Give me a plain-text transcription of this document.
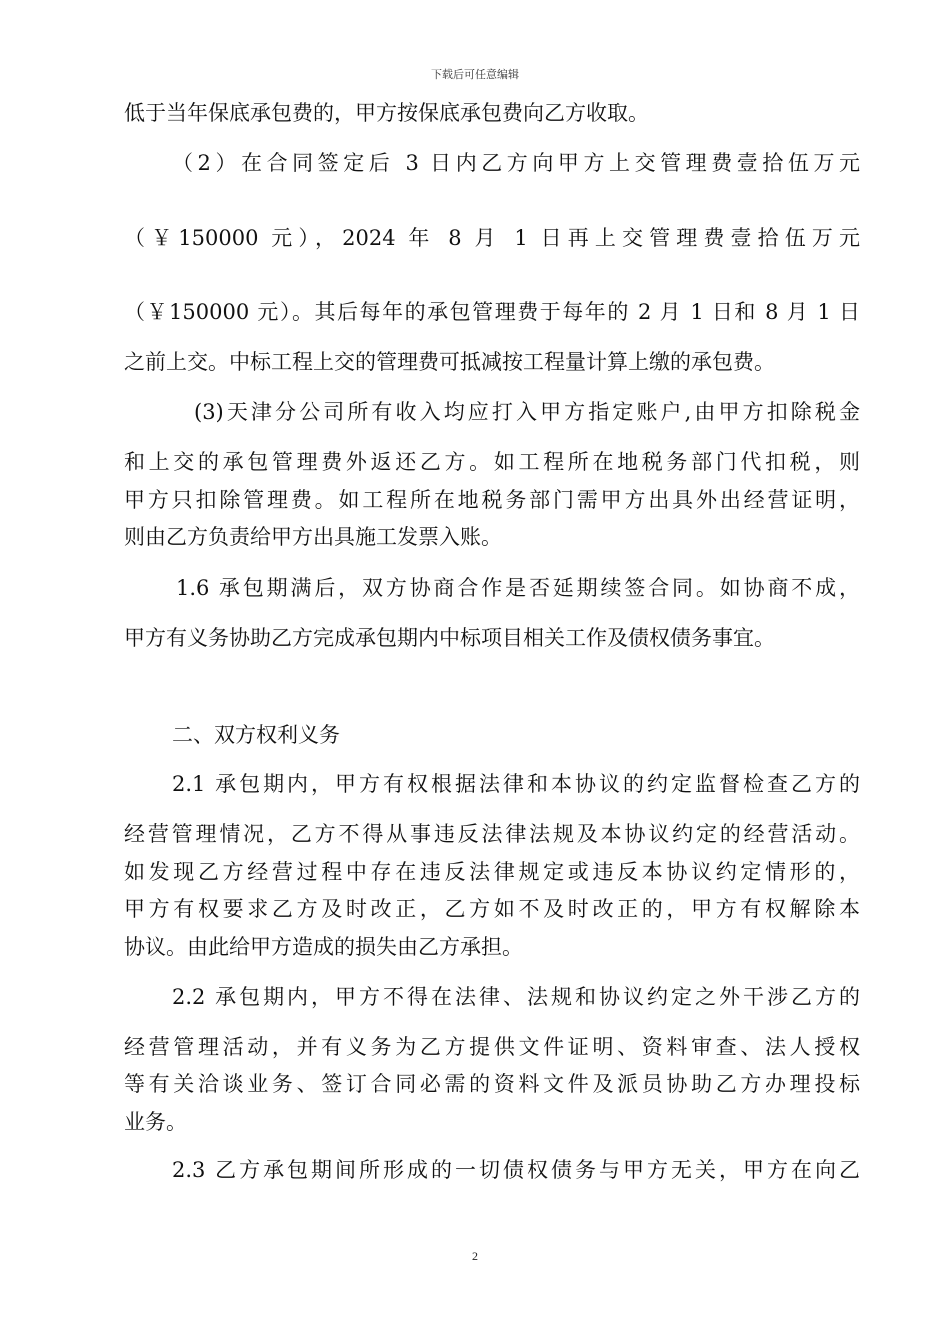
下载后可任意编辑
低于当年保底承包费的，甲方按保底承包费向乙方收取。
（2）在合同签定后 3 日内乙方向甲方上交管理费壹拾伍万元
（￥150000 元），2024 年 8 月 1 日再上交管理费壹拾伍万元
（￥150000 元）。其后每年的承包管理费于每年的 2 月 1 日和 8 月 1 日
之前上交。中标工程上交的管理费可抵减按工程量计算上缴的承包费。
(3)天津分公司所有收入均应打入甲方指定账户,由甲方扣除税金
和上交的承包管理费外返还乙方。如工程所在地税务部门代扣税，则
甲方只扣除管理费。如工程所在地税务部门需甲方出具外出经营证明，
则由乙方负责给甲方出具施工发票入账。
1.6 承包期满后，双方协商合作是否延期续签合同。如协商不成，
甲方有义务协助乙方完成承包期内中标项目相关工作及债权债务事宜。
二、双方权利义务
2.1 承包期内，甲方有权根据法律和本协议的约定监督检查乙方的
经营管理情况，乙方不得从事违反法律法规及本协议约定的经营活动。
如发现乙方经营过程中存在违反法律规定或违反本协议约定情形的，
甲方有权要求乙方及时改正，乙方如不及时改正的，甲方有权解除本
协议。由此给甲方造成的损失由乙方承担。
2.2 承包期内，甲方不得在法律、法规和协议约定之外干涉乙方的
经营管理活动，并有义务为乙方提供文件证明、资料审查、法人授权
等有关洽谈业务、签订合同必需的资料文件及派员协助乙方办理投标
业务。
2.3 乙方承包期间所形成的一切债权债务与甲方无关，甲方在向乙
2
